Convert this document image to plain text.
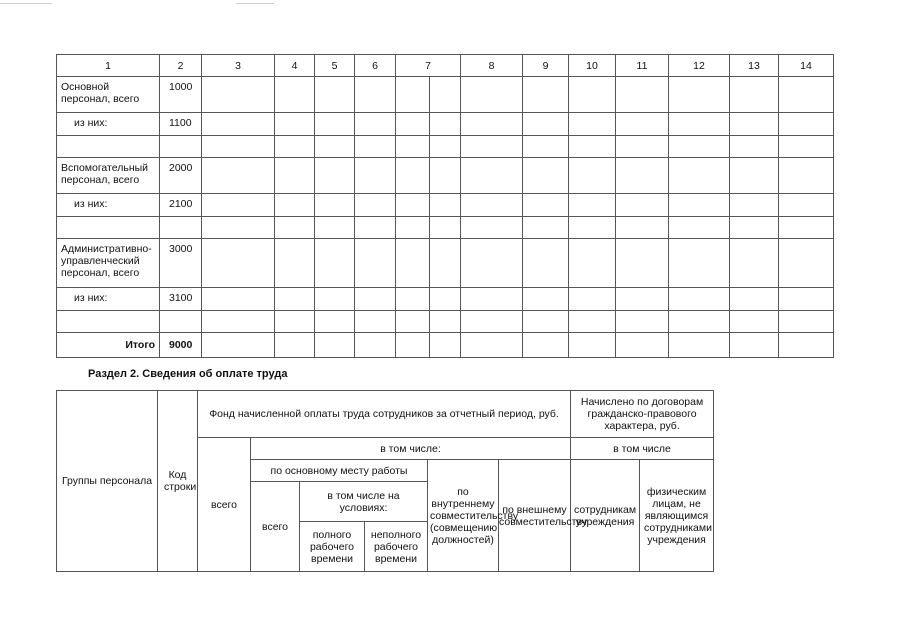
1	2	3	4	5	6	7		8	9	10	11	12	13	14
Основной персонал, всего	1000													
из них:	1100													

Вспомогательный персонал, всего	2000													
из них:	2100													

Административно-управленческий персонал, всего	3000													
из них:	3100													

Итого	9000													
Раздел 2. Сведения об оплате труда
Группы персонала	Код строки	Фонд начисленной оплаты труда сотрудников за отчетный период, руб.						Начислено по договорам гражданско-правового характера, руб.	
		всего	в том числе:					в том числе	
			по основному месту работы			по внутреннему совместительству (совмещению должностей)	по внешнему совместительству	сотрудникам учреждения	физическим лицам, не являющимся сотрудниками учреждения
			всего	в том числе на условиях:					
				полного рабочего времени	неполного рабочего времени				
